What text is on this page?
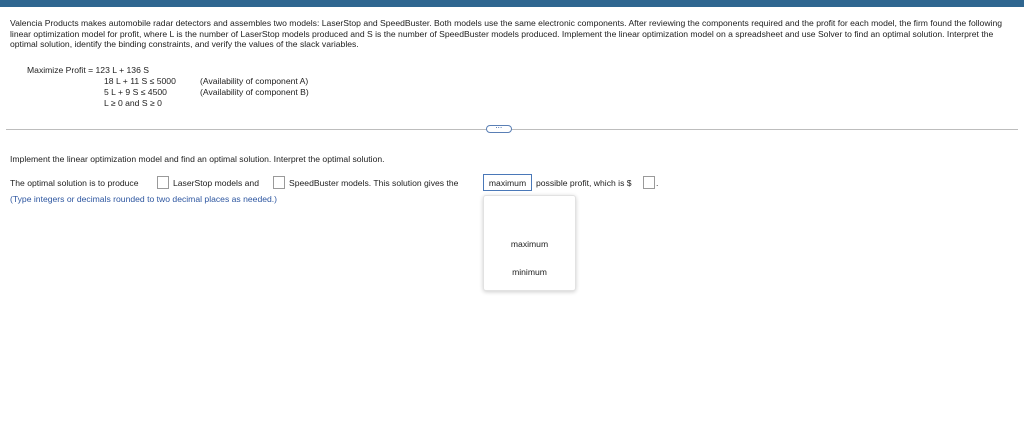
Valencia Products makes automobile radar detectors and assembles two models: LaserStop and SpeedBuster. Both models use the same electronic components. After reviewing the components required and the profit for each model, the firm found the following linear optimization model for profit, where L is the number of LaserStop models produced and S is the number of SpeedBuster models produced. Implement the linear optimization model on a spreadsheet and use Solver to find an optimal solution. Interpret the optimal solution, identify the binding constraints, and verify the values of the slack variables.
Maximize Profit = 123 L + 136 S
18 L + 11 S ≤ 5000	(Availability of component A)
5 L + 9 S ≤ 4500	(Availability of component B)
L ≥ 0 and S ≥ 0
⋯
Implement the linear optimization model and find an optimal solution. Interpret the optimal solution.
The optimal solution is to produce	LaserStop models and	SpeedBuster models. This solution gives the	maximum possible profit, which is $	.
(Type integers or decimals rounded to two decimal places as needed.)
maximum
minimum
